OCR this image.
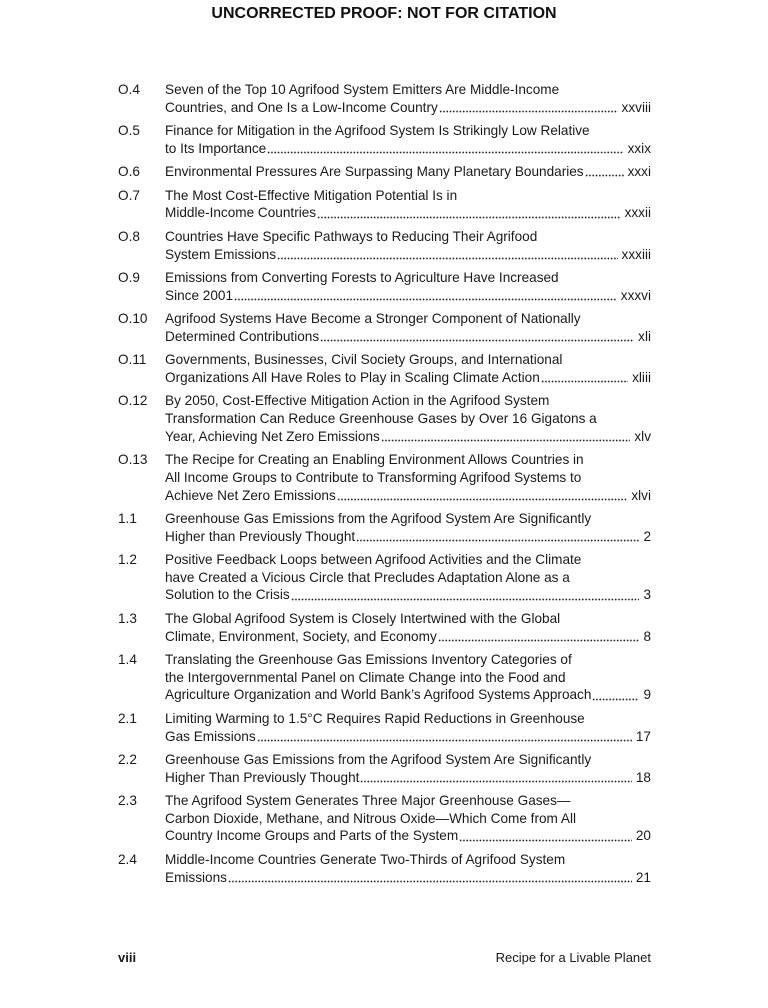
UNCORRECTED PROOF: NOT FOR CITATION
O.4	Seven of the Top 10 Agrifood System Emitters Are Middle-Income
Countries, and One Is a Low-Income Country	xxviii
O.5	Finance for Mitigation in the Agrifood System Is Strikingly Low Relative
to Its Importance	xxix
O.6	Environmental Pressures Are Surpassing Many Planetary Boundaries	xxxi
O.7	The Most Cost-Effective Mitigation Potential Is in
Middle-Income Countries	xxxii
O.8	Countries Have Specific Pathways to Reducing Their Agrifood
System Emissions	xxxiii
O.9	Emissions from Converting Forests to Agriculture Have Increased
Since 2001	xxxvi
O.10	Agrifood Systems Have Become a Stronger Component of Nationally
Determined Contributions	xli
O.11	Governments, Businesses, Civil Society Groups, and International
Organizations All Have Roles to Play in Scaling Climate Action	xliii
O.12	By 2050, Cost-Effective Mitigation Action in the Agrifood System
Transformation Can Reduce Greenhouse Gases by Over 16 Gigatons a
Year, Achieving Net Zero Emissions	xlv
O.13	The Recipe for Creating an Enabling Environment Allows Countries in
All Income Groups to Contribute to Transforming Agrifood Systems to
Achieve Net Zero Emissions	xlvi
1.1	Greenhouse Gas Emissions from the Agrifood System Are Significantly
Higher than Previously Thought	2
1.2	Positive Feedback Loops between Agrifood Activities and the Climate
have Created a Vicious Circle that Precludes Adaptation Alone as a
Solution to the Crisis	3
1.3	The Global Agrifood System is Closely Intertwined with the Global
Climate, Environment, Society, and Economy	8
1.4	Translating the Greenhouse Gas Emissions Inventory Categories of
the Intergovernmental Panel on Climate Change into the Food and
Agriculture Organization and World Bank’s Agrifood Systems Approach	9
2.1	Limiting Warming to 1.5°C Requires Rapid Reductions in Greenhouse
Gas Emissions	17
2.2	Greenhouse Gas Emissions from the Agrifood System Are Significantly
Higher Than Previously Thought	18
2.3	The Agrifood System Generates Three Major Greenhouse Gases—
Carbon Dioxide, Methane, and Nitrous Oxide—Which Come from All
Country Income Groups and Parts of the System	20
2.4	Middle-Income Countries Generate Two-Thirds of Agrifood System
Emissions	21
viii	Recipe for a Livable Planet
